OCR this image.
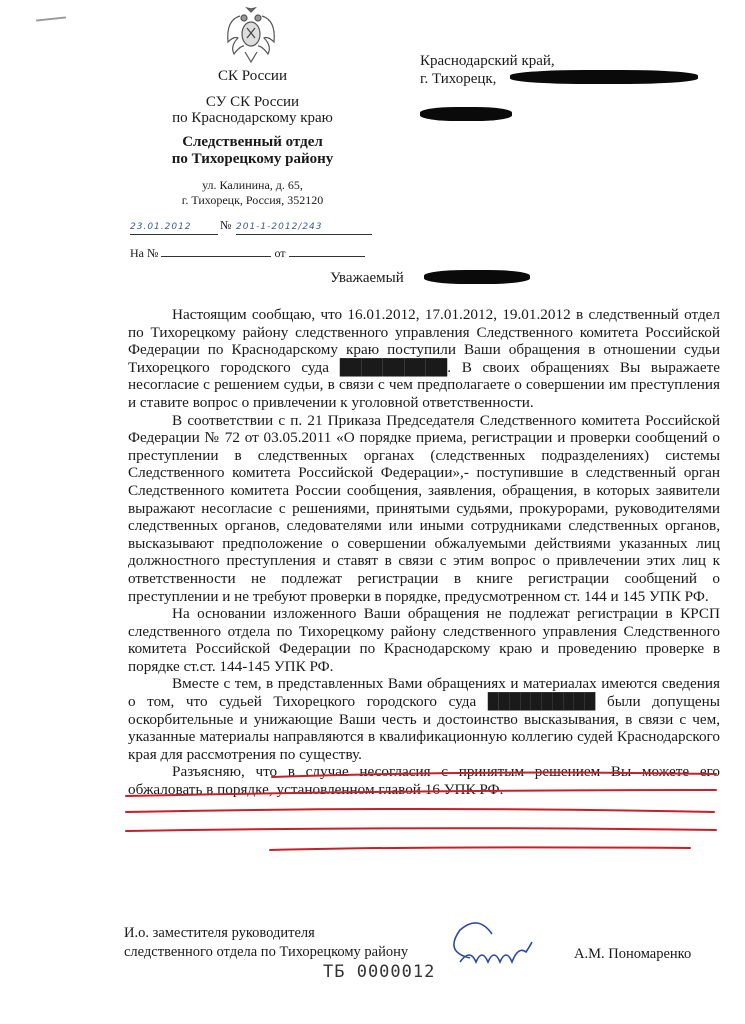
СК России
СУ СК России
по Краснодарскому краю
Следственный отдел
по Тихорецкому району
ул. Калинина, д. 65,
г. Тихорецк, Россия, 352120
23.01.2012	№ 201-1-2012/243
На №	от
Краснодарский край,
г. Тихорецк,
Уважаемый

Настоящим сообщаю, что 16.01.2012, 17.01.2012, 19.01.2012 в следственный отдел по Тихорецкому району следственного управления Следственного комитета Российской Федерации по Краснодарскому краю поступили Ваши обращения в отношении судьи Тихорецкого городского суда ██████████. В своих обращениях Вы выражаете несогласие с решением судьи, в связи с чем предполагаете о совершении им преступления и ставите вопрос о привлечении к уголовной ответственности.

В соответствии с п. 21 Приказа Председателя Следственного комитета Российской Федерации № 72 от 03.05.2011 «О порядке приема, регистрации и проверки сообщений о преступлении в следственных органах (следственных подразделениях) системы Следственного комитета Российской Федерации»,- поступившие в следственный орган Следственного комитета России сообщения, заявления, обращения, в которых заявители выражают несогласие с решениями, принятыми судьями, прокурорами, руководителями следственных органов, следователями или иными сотрудниками следственных органов, высказывают предположение о совершении обжалуемыми действиями указанных лиц должностного преступления и ставят в связи с этим вопрос о привлечении этих лиц к ответственности не подлежат регистрации в книге регистрации сообщений о преступлении и не требуют проверки в порядке, предусмотренном ст. 144 и 145 УПК РФ.

На основании изложенного Ваши обращения не подлежат регистрации в КРСП следственного отдела по Тихорецкому району следственного управления Следственного комитета Российской Федерации по Краснодарскому краю и проведению проверке в порядке ст.ст. 144-145 УПК РФ.

Вместе с тем, в представленных Вами обращениях и материалах имеются сведения о том, что судьей Тихорецкого городского суда ██████████ были допущены оскорбительные и унижающие Ваши честь и достоинство высказывания, в связи с чем, указанные материалы направляются в квалификационную коллегию судей Краснодарского края для рассмотрения по существу.

Разъясняю, что в случае несогласия с принятым решением Вы можете его обжаловать в порядке, установленном главой 16 УПК РФ.

И.о. заместителя руководителя
следственного отдела по Тихорецкому району	А.М. Пономаренко
ТБ 0000012
